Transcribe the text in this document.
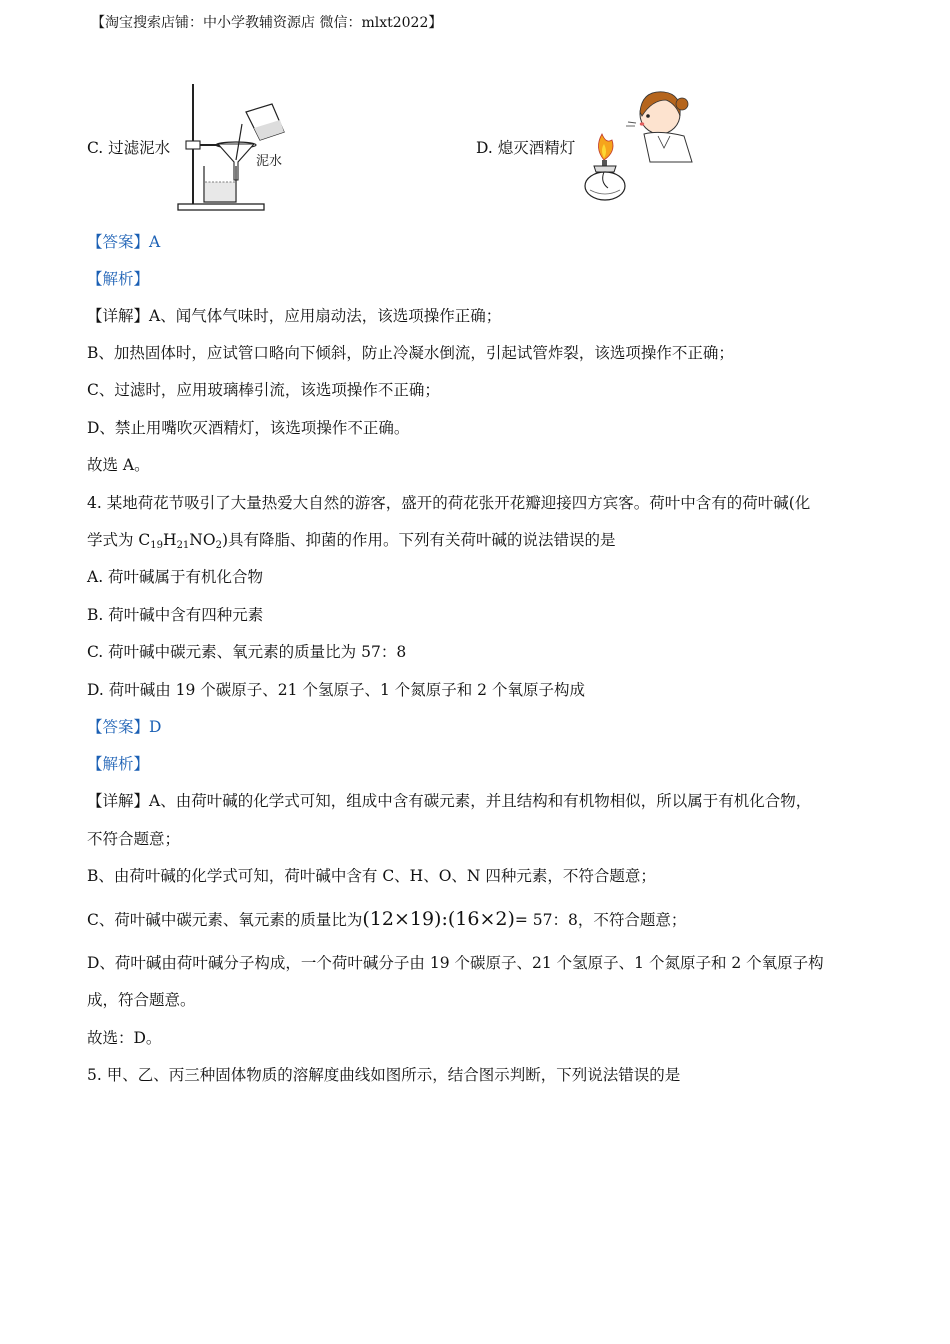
【淘宝搜索店铺：中小学教辅资源店 微信：mlxt2022】
C. 过滤泥水
泥水
D. 熄灭酒精灯
【答案】A
【解析】
【详解】A、闻气体气味时，应用扇动法，该选项操作正确；
B、加热固体时，应试管口略向下倾斜，防止冷凝水倒流，引起试管炸裂，该选项操作不正确；
C、过滤时，应用玻璃棒引流，该选项操作不正确；
D、禁止用嘴吹灭酒精灯，该选项操作不正确。
故选 A。
4. 某地荷花节吸引了大量热爱大自然的游客，盛开的荷花张开花瓣迎接四方宾客。荷叶中含有的荷叶碱(化
学式为 $C_{19}H_{21}NO_2$)具有降脂、抑菌的作用。下列有关荷叶碱的说法错误的是
A. 荷叶碱属于有机化合物
B. 荷叶碱中含有四种元素
C. 荷叶碱中碳元素、氧元素的质量比为 57：8
D. 荷叶碱由 19 个碳原子、21 个氢原子、1 个氮原子和 2 个氧原子构成
【答案】D
【解析】
【详解】A、由荷叶碱的化学式可知，组成中含有碳元素，并且结构和有机物相似，所以属于有机化合物，
不符合题意；
B、由荷叶碱的化学式可知，荷叶碱中含有 C、H、O、N 四种元素，不符合题意；
C、荷叶碱中碳元素、氧元素的质量比为(12×19):(16×2)= 57：8，不符合题意；
D、荷叶碱由荷叶碱分子构成，一个荷叶碱分子由 19 个碳原子、21 个氢原子、1 个氮原子和 2 个氧原子构
成，符合题意。
故选：D。
5. 甲、乙、丙三种固体物质的溶解度曲线如图所示，结合图示判断，下列说法错误的是
